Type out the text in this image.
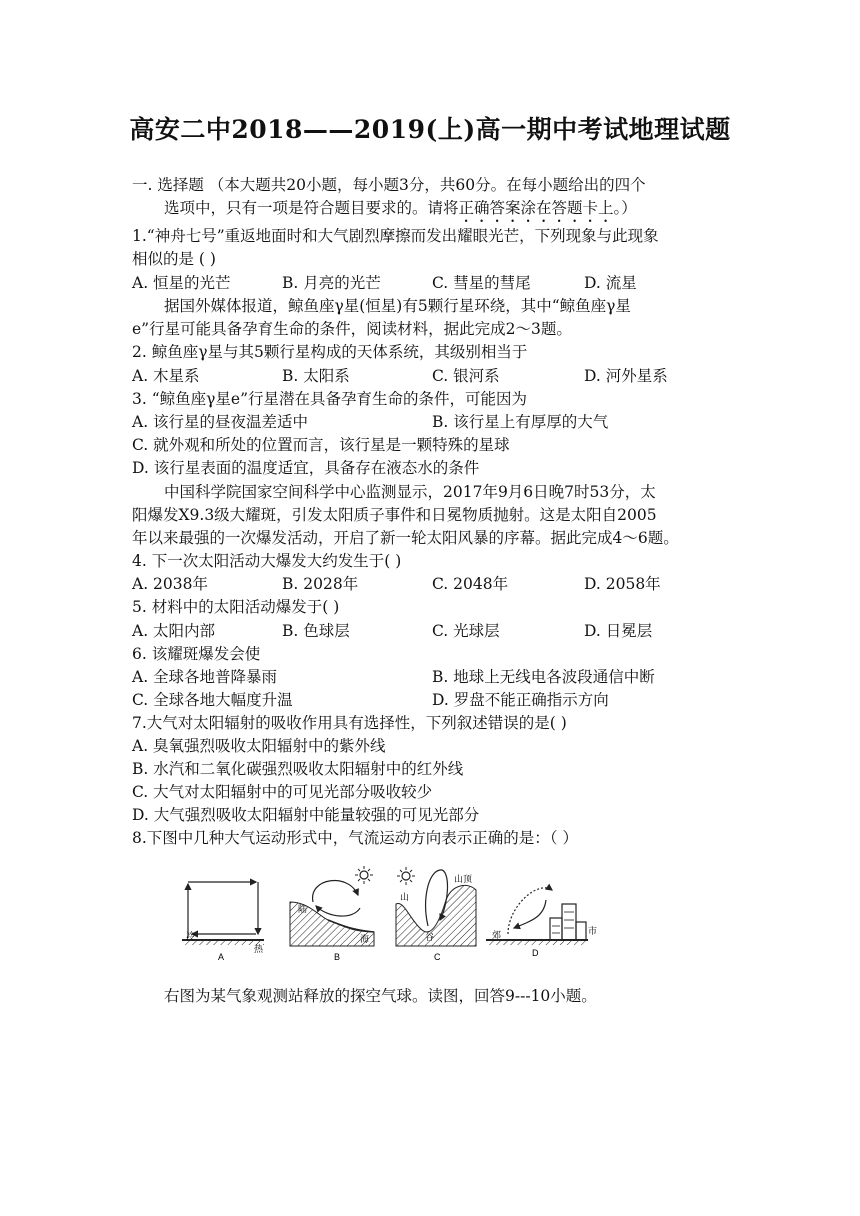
高安二中2018——2019(上)高一期中考试地理试题
一. 选择题 （本大题共20小题，每小题3分，共60分。在每小题给出的四个
选项中，只有一项是符合题目要求的。请将正确答案涂在答题卡上。）
1.“神舟七号”重返地面时和大气剧烈摩擦而发出耀眼光芒，下列现象与此现象
相似的是 ( )
A. 恒星的光芒	B. 月亮的光芒	C. 彗星的彗尾	D. 流星
据国外媒体报道，鲸鱼座γ星(恒星)有5颗行星环绕，其中“鲸鱼座γ星
e”行星可能具备孕育生命的条件，阅读材料，据此完成2～3题。
2. 鲸鱼座γ星与其5颗行星构成的天体系统，其级别相当于
A. 木星系	B. 太阳系	C. 银河系	D. 河外星系
3. “鲸鱼座γ星e”行星潜在具备孕育生命的条件，可能因为
A. 该行星的昼夜温差适中	B. 该行星上有厚厚的大气
C. 就外观和所处的位置而言，该行星是一颗特殊的星球
D. 该行星表面的温度适宜，具备存在液态水的条件
中国科学院国家空间科学中心监测显示，2017年9月6日晚7时53分，太
阳爆发X9.3级大耀斑，引发太阳质子事件和日冕物质抛射。这是太阳自2005
年以来最强的一次爆发活动，开启了新一轮太阳风暴的序幕。据此完成4～6题。
4. 下一次太阳活动大爆发大约发生于( )
A. 2038年	B. 2028年	C. 2048年	D. 2058年
5. 材料中的太阳活动爆发于( )
A. 太阳内部	B. 色球层	C. 光球层	D. 日冕层
6. 该耀斑爆发会使
A. 全球各地普降暴雨	B. 地球上无线电各波段通信中断
C. 全球各地大幅度升温	D. 罗盘不能正确指示方向
7.大气对太阳辐射的吸收作用具有选择性，下列叙述错误的是( )
A. 臭氧强烈吸收太阳辐射中的紫外线
B. 水汽和二氧化碳强烈吸收太阳辐射中的红外线
C. 大气对太阳辐射中的可见光部分吸收较少
D. 大气强烈吸收太阳辐射中能量较强的可见光部分
8.下图中几种大气运动形式中，气流运动方向表示正确的是：（ ）
冷
热
A
陆
海
B
山
谷
山顶
C
郊	市
D
右图为某气象观测站释放的探空气球。读图，回答9---10小题。
